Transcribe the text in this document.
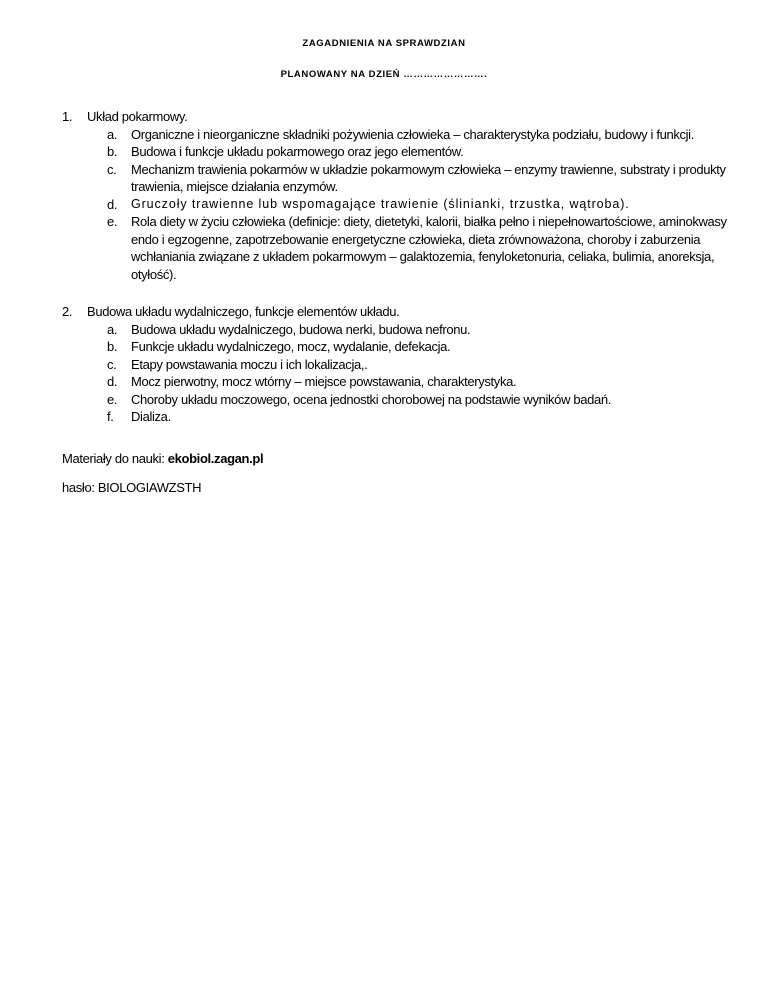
ZAGADNIENIA NA SPRAWDZIAN
PLANOWANY NA DZIEŃ …………………….
1.	Układ pokarmowy.
a.	Organiczne i nieorganiczne składniki pożywienia człowieka – charakterystyka podziału, budowy i funkcji.
b.	Budowa i funkcje układu pokarmowego oraz jego elementów.
c.	Mechanizm trawienia pokarmów w układzie pokarmowym człowieka – enzymy trawienne, substraty i produkty trawienia, miejsce działania enzymów.
d.	Gruczoły trawienne lub wspomagające trawienie (ślinianki, trzustka, wątroba).
e.	Rola diety w życiu człowieka (definicje: diety, dietetyki, kalorii, białka pełno i niepełnowartościowe, aminokwasy endo i egzogenne, zapotrzebowanie energetyczne człowieka, dieta zrównoważona, choroby i zaburzenia wchłaniania związane z układem pokarmowym – galaktozemia, fenyloketonuria, celiaka, bulimia, anoreksja, otyłość).
2.	Budowa układu wydalniczego, funkcje elementów układu.
a.	Budowa układu wydalniczego, budowa nerki, budowa nefronu.
b.	Funkcje układu wydalniczego, mocz, wydalanie, defekacja.
c.	Etapy powstawania moczu i ich lokalizacja,.
d.	Mocz pierwotny, mocz wtórny – miejsce powstawania, charakterystyka.
e.	Choroby układu moczowego, ocena jednostki chorobowej na podstawie wyników badań.
f.	Dializa.
Materiały do nauki: ekobiol.zagan.pl
hasło: BIOLOGIAWZSTH
